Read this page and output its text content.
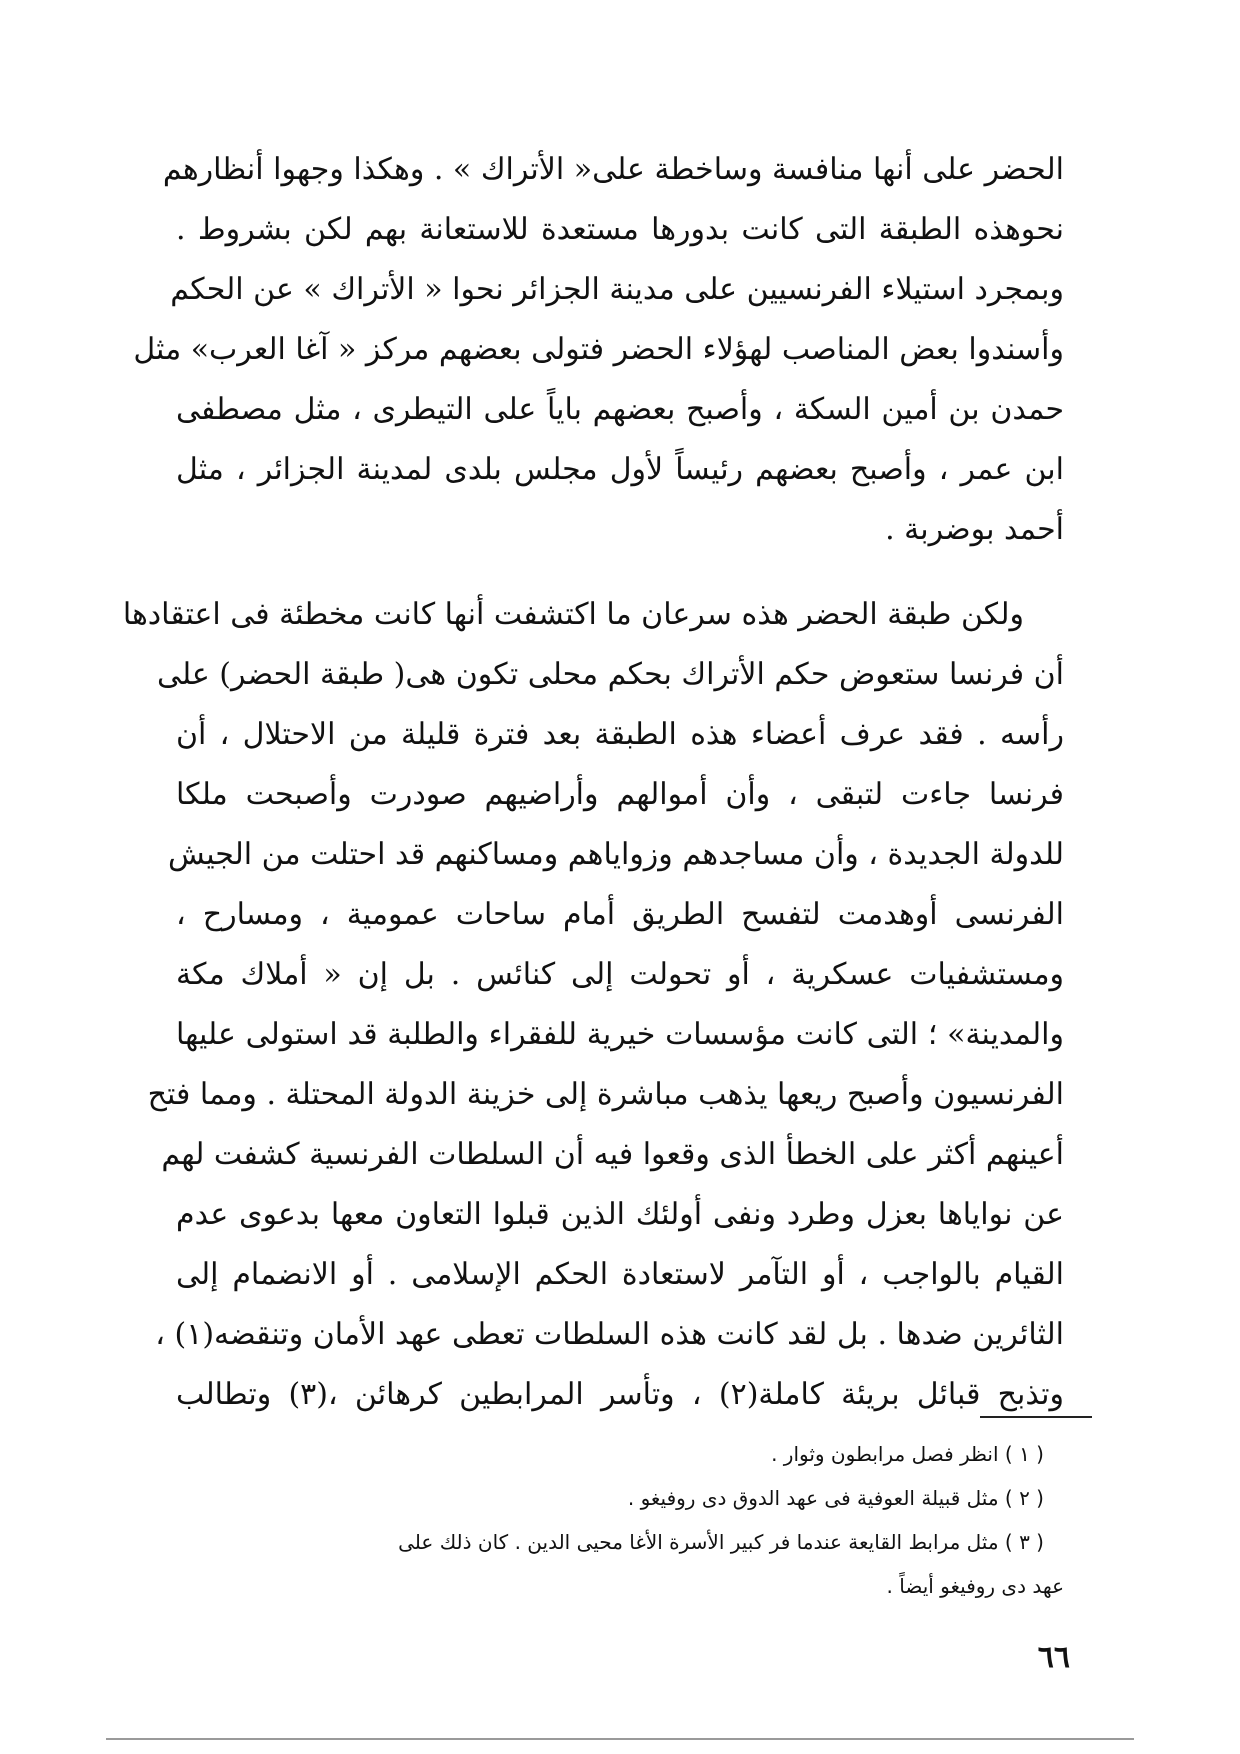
الحضر على أنها منافسة وساخطة على« الأتراك » . وهكذا وجهوا أنظارهم
نحوهذه الطبقة التى كانت بدورها مستعدة للاستعانة بهم لكن بشروط .
وبمجرد استيلاء الفرنسيين على مدينة الجزائر نحوا « الأتراك » عن الحكم
وأسندوا بعض المناصب لهؤلاء الحضر فتولى بعضهم مركز « آغا العرب» مثل
حمدن بن أمين السكة ، وأصبح بعضهم باياً على التيطرى ، مثل مصطفى
ابن عمر ، وأصبح بعضهم رئيساً لأول مجلس بلدى لمدينة الجزائر ، مثل
أحمد بوضربة .
ولكن طبقة الحضر هذه سرعان ما اكتشفت أنها كانت مخطئة فى اعتقادها
أن فرنسا ستعوض حكم الأتراك بحكم محلى تكون هى( طبقة الحضر) على
رأسه . فقد عرف أعضاء هذه الطبقة بعد فترة قليلة من الاحتلال ، أن
فرنسا جاءت لتبقى ، وأن أموالهم وأراضيهم صودرت وأصبحت ملكا
للدولة الجديدة ، وأن مساجدهم وزواياهم ومساكنهم قد احتلت من الجيش
الفرنسى أوهدمت لتفسح الطريق أمام ساحات عمومية ، ومسارح ،
ومستشفيات عسكرية ، أو تحولت إلى كنائس . بل إن « أملاك مكة
والمدينة» ؛ التى كانت مؤسسات خيرية للفقراء والطلبة قد استولى عليها
الفرنسيون وأصبح ريعها يذهب مباشرة إلى خزينة الدولة المحتلة . ومما فتح
أعينهم أكثر على الخطأ الذى وقعوا فيه أن السلطات الفرنسية كشفت لهم
عن نواياها بعزل وطرد ونفى أولئك الذين قبلوا التعاون معها بدعوى عدم
القيام بالواجب ، أو التآمر لاستعادة الحكم الإسلامى . أو الانضمام إلى
الثائرين ضدها . بل لقد كانت هذه السلطات تعطى عهد الأمان وتنقضه(١) ،
وتذبح قبائل بريئة كاملة(٢) ، وتأسر المرابطين كرهائن ،(٣) وتطالب
( ١ ) انظر فصل مرابطون وثوار .
( ٢ ) مثل قبيلة العوفية فى عهد الدوق دى روفيغو .
( ٣ ) مثل مرابط القايعة عندما فر كبير الأسرة الأغا محيى الدين . كان ذلك على
عهد دى روفيغو أيضاً .
٦٦
